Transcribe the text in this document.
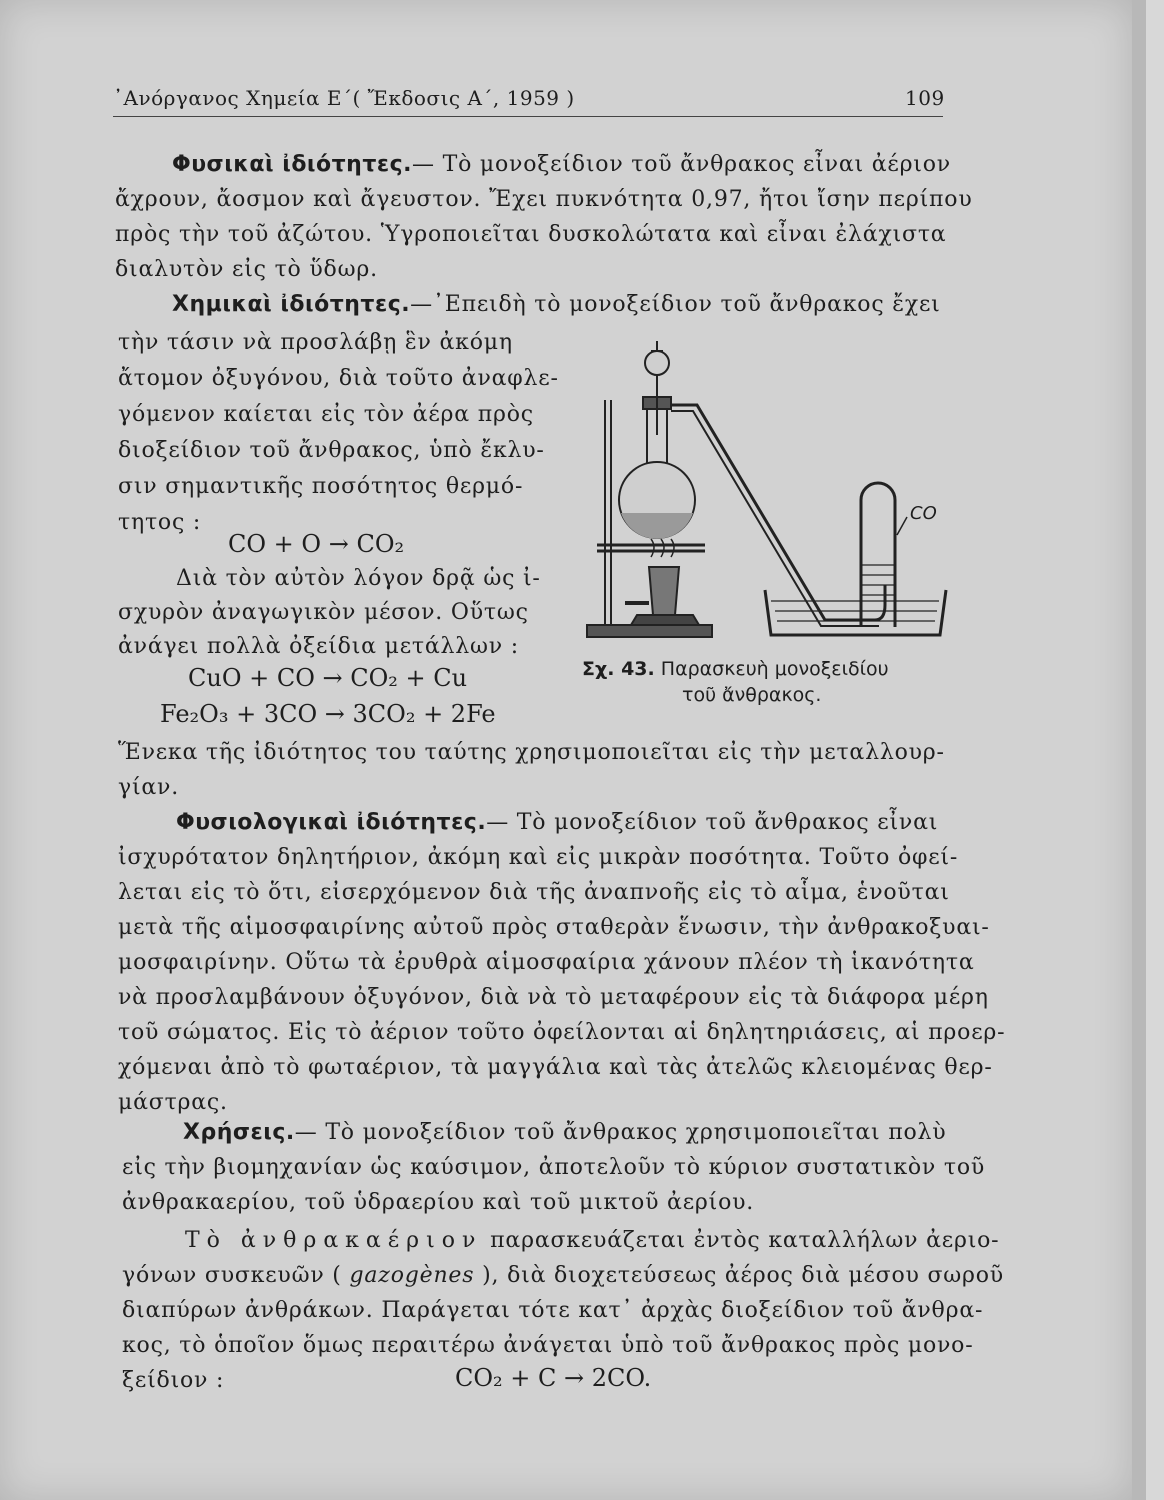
᾿Ανόργανος Χημεία Ε΄( Ἔκδοσις Α΄, 1959 )	109
Φυσικαὶ ἰδιότητες.— Τὸ μονοξείδιον τοῦ ἄνθρακος εἶναι ἀέριον
ἄχρουν, ἄοσμον καὶ ἄγευστον. Ἔχει πυκνότητα 0,97, ἤτοι ἴσην περίπου
πρὸς τὴν τοῦ ἀζώτου. Ὑγροποιεῖται δυσκολώτατα καὶ εἶναι ἐλάχιστα
διαλυτὸν εἰς τὸ ὕδωρ.
Χημικαὶ ἰδιότητες.—᾿Επειδὴ τὸ μονοξείδιον τοῦ ἄνθρακος ἔχει
τὴν τάσιν νὰ προσλάβῃ ἓν ἀκόμη
ἄτομον ὀξυγόνου, διὰ τοῦτο ἀναφλε-
γόμενον καίεται εἰς τὸν ἀέρα πρὸς
διοξείδιον τοῦ ἄνθρακος, ὑπὸ ἔκλυ-
σιν σημαντικῆς ποσότητος θερμό-
τητος :
CO + O → CO₂
Διὰ τὸν αὐτὸν λόγον δρᾷ ὡς ἰ-
σχυρὸν ἀναγωγικὸν μέσον. Οὕτως
ἀνάγει πολλὰ ὀξείδια μετάλλων :
CuO + CO → CO₂ + Cu
Fe₂O₃ + 3CO → 3CO₂ + 2Fe
Ἕνεκα τῆς ἰδιότητος του ταύτης χρησιμοποιεῖται εἰς τὴν μεταλλουρ-
γίαν.
CO
Σχ. 43. Παρασκευὴ μονοξειδίου
τοῦ ἄνθρακος.
Φυσιολογικαὶ ἰδιότητες.— Τὸ μονοξείδιον τοῦ ἄνθρακος εἶναι
ἰσχυρότατον δηλητήριον, ἀκόμη καὶ εἰς μικρὰν ποσότητα. Τοῦτο ὀφεί-
λεται εἰς τὸ ὅτι, εἰσερχόμενον διὰ τῆς ἀναπνοῆς εἰς τὸ αἷμα, ἑνοῦται
μετὰ τῆς αἱμοσφαιρίνης αὐτοῦ πρὸς σταθερὰν ἕνωσιν, τὴν ἀνθρακοξυαι-
μοσφαιρίνην. Οὕτω τὰ ἐρυθρὰ αἱμοσφαίρια χάνουν πλέον τὴ ἱκανότητα
νὰ προσλαμβάνουν ὀξυγόνον, διὰ νὰ τὸ μεταφέρουν εἰς τὰ διάφορα μέρη
τοῦ σώματος. Εἰς τὸ ἀέριον τοῦτο ὀφείλονται αἱ δηλητηριάσεις, αἱ προερ-
χόμεναι ἀπὸ τὸ φωταέριον, τὰ μαγγάλια καὶ τὰς ἀτελῶς κλειομένας θερ-
μάστρας.
Χρήσεις.— Τὸ μονοξείδιον τοῦ ἄνθρακος χρησιμοποιεῖται πολὺ
εἰς τὴν βιομηχανίαν ὡς καύσιμον, ἀποτελοῦν τὸ κύριον συστατικὸν τοῦ
ἀνθρακαερίου, τοῦ ὑδραερίου καὶ τοῦ μικτοῦ ἀερίου.
Τὸ ἀνθρακαέριον παρασκευάζεται ἐντὸς καταλλήλων ἀεριο-
γόνων συσκευῶν ( gazogènes ), διὰ διοχετεύσεως ἀέρος διὰ μέσου σωροῦ
διαπύρων ἀνθράκων. Παράγεται τότε κατ᾿ ἀρχὰς διοξείδιον τοῦ ἄνθρα-
κος, τὸ ὁποῖον ὅμως περαιτέρω ἀνάγεται ὑπὸ τοῦ ἄνθρακος πρὸς μονο-
ξείδιον :	CO₂ + C → 2CO.
